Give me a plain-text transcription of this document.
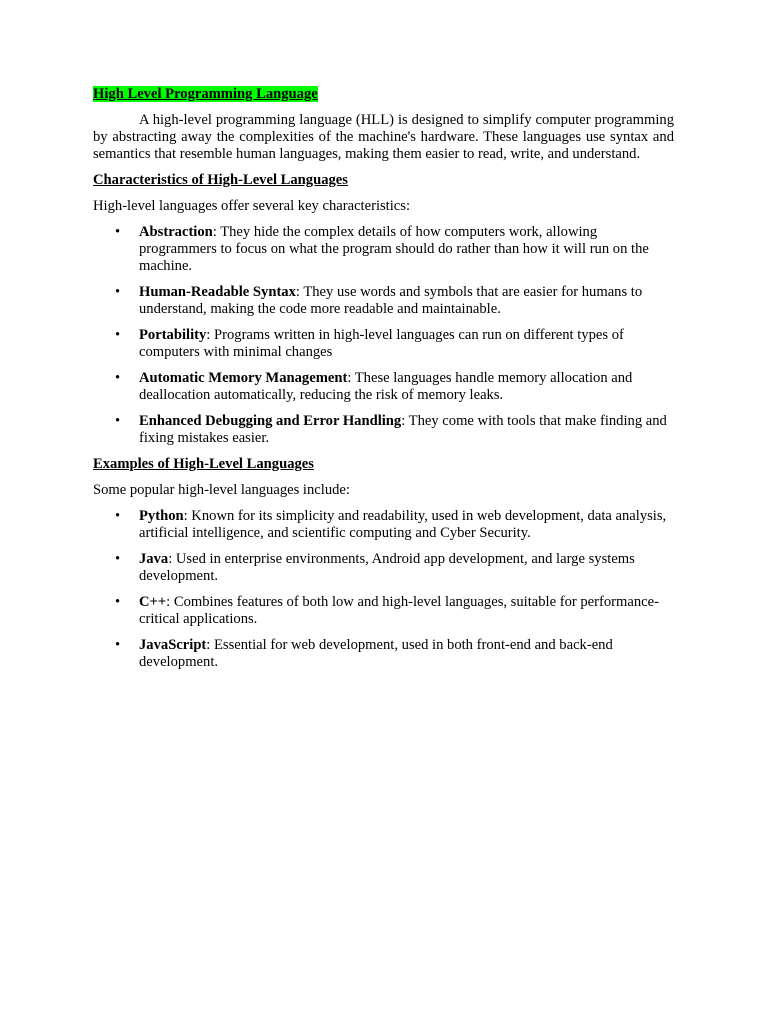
High Level Programming Language

A high-level programming language (HLL) is designed to simplify computer programming by abstracting away the complexities of the machine's hardware. These languages use syntax and semantics that resemble human languages, making them easier to read, write, and understand.

Characteristics of High-Level Languages

High-level languages offer several key characteristics:

• Abstraction: They hide the complex details of how computers work, allowing programmers to focus on what the program should do rather than how it will run on the machine.
• Human-Readable Syntax: They use words and symbols that are easier for humans to understand, making the code more readable and maintainable.
• Portability: Programs written in high-level languages can run on different types of computers with minimal changes
• Automatic Memory Management: These languages handle memory allocation and deallocation automatically, reducing the risk of memory leaks.
• Enhanced Debugging and Error Handling: They come with tools that make finding and fixing mistakes easier.

Examples of High-Level Languages

Some popular high-level languages include:

• Python: Known for its simplicity and readability, used in web development, data analysis, artificial intelligence, and scientific computing and Cyber Security.
• Java: Used in enterprise environments, Android app development, and large systems development.
• C++: Combines features of both low and high-level languages, suitable for performance-critical applications.
• JavaScript: Essential for web development, used in both front-end and back-end development.
